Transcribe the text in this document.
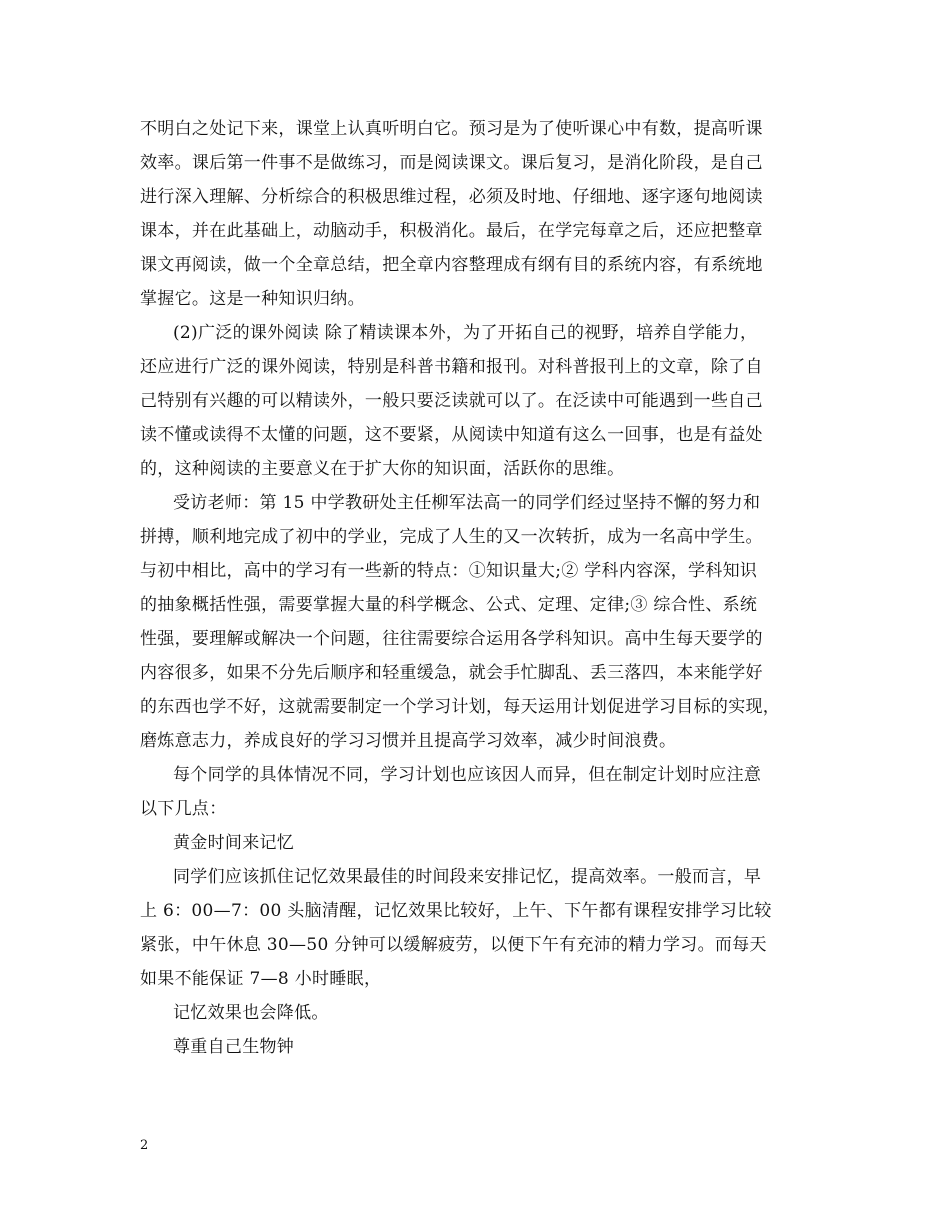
不明白之处记下来，课堂上认真听明白它。预习是为了使听课心中有数，提高听课
效率。课后第一件事不是做练习，而是阅读课文。课后复习，是消化阶段，是自己
进行深入理解、分析综合的积极思维过程，必须及时地、仔细地、逐字逐句地阅读
课本，并在此基础上，动脑动手，积极消化。最后，在学完每章之后，还应把整章
课文再阅读，做一个全章总结，把全章内容整理成有纲有目的系统内容，有系统地
掌握它。这是一种知识归纳。
(2)广泛的课外阅读 除了精读课本外，为了开拓自己的视野，培养自学能力，
还应进行广泛的课外阅读，特别是科普书籍和报刊。对科普报刊上的文章，除了自
己特别有兴趣的可以精读外，一般只要泛读就可以了。在泛读中可能遇到一些自己
读不懂或读得不太懂的问题，这不要紧，从阅读中知道有这么一回事，也是有益处
的，这种阅读的主要意义在于扩大你的知识面，活跃你的思维。
受访老师：第 15 中学教研处主任柳军法高一的同学们经过坚持不懈的努力和
拼搏，顺利地完成了初中的学业，完成了人生的又一次转折，成为一名高中学生。
与初中相比，高中的学习有一些新的特点：①知识量大;② 学科内容深，学科知识
的抽象概括性强，需要掌握大量的科学概念、公式、定理、定律;③ 综合性、系统
性强，要理解或解决一个问题，往往需要综合运用各学科知识。高中生每天要学的
内容很多，如果不分先后顺序和轻重缓急，就会手忙脚乱、丢三落四，本来能学好
的东西也学不好，这就需要制定一个学习计划，每天运用计划促进学习目标的实现，
磨炼意志力，养成良好的学习习惯并且提高学习效率，减少时间浪费。
每个同学的具体情况不同，学习计划也应该因人而异，但在制定计划时应注意
以下几点：
黄金时间来记忆
同学们应该抓住记忆效果最佳的时间段来安排记忆，提高效率。一般而言，早
上 6：00—7：00 头脑清醒，记忆效果比较好，上午、下午都有课程安排学习比较
紧张，中午休息 30—50 分钟可以缓解疲劳，以便下午有充沛的精力学习。而每天
如果不能保证 7—8 小时睡眠，
记忆效果也会降低。
尊重自己生物钟
2
